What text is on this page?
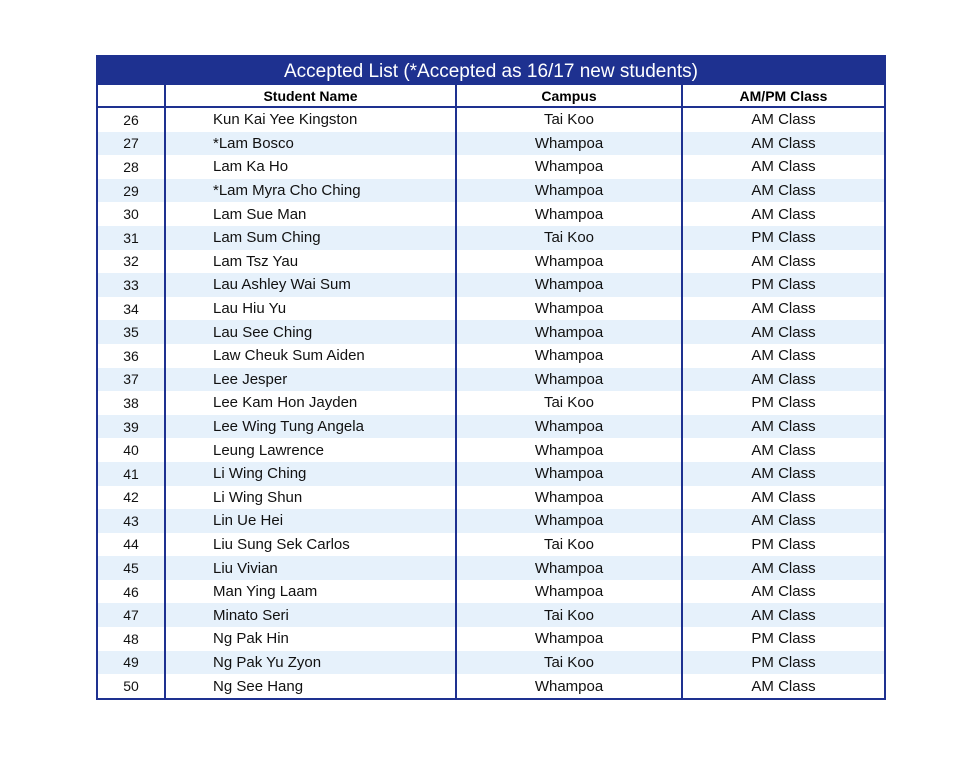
Accepted List (*Accepted as 16/17 new students)
	Student Name	Campus	AM/PM Class
26	Kun Kai Yee Kingston	Tai Koo	AM Class
27	*Lam Bosco	Whampoa	AM Class
28	Lam Ka Ho	Whampoa	AM Class
29	*Lam Myra Cho Ching	Whampoa	AM Class
30	Lam Sue Man	Whampoa	AM Class
31	Lam Sum Ching	Tai Koo	PM Class
32	Lam Tsz Yau	Whampoa	AM Class
33	Lau Ashley Wai Sum	Whampoa	PM Class
34	Lau Hiu Yu	Whampoa	AM Class
35	Lau See Ching	Whampoa	AM Class
36	Law Cheuk Sum Aiden	Whampoa	AM Class
37	Lee Jesper	Whampoa	AM Class
38	Lee Kam Hon Jayden	Tai Koo	PM Class
39	Lee Wing Tung Angela	Whampoa	AM Class
40	Leung Lawrence	Whampoa	AM Class
41	Li Wing Ching	Whampoa	AM Class
42	Li Wing Shun	Whampoa	AM Class
43	Lin Ue Hei	Whampoa	AM Class
44	Liu Sung Sek Carlos	Tai Koo	PM Class
45	Liu Vivian	Whampoa	AM Class
46	Man Ying Laam	Whampoa	AM Class
47	Minato Seri	Tai Koo	AM Class
48	Ng Pak Hin	Whampoa	PM Class
49	Ng Pak Yu Zyon	Tai Koo	PM Class
50	Ng See Hang	Whampoa	AM Class
